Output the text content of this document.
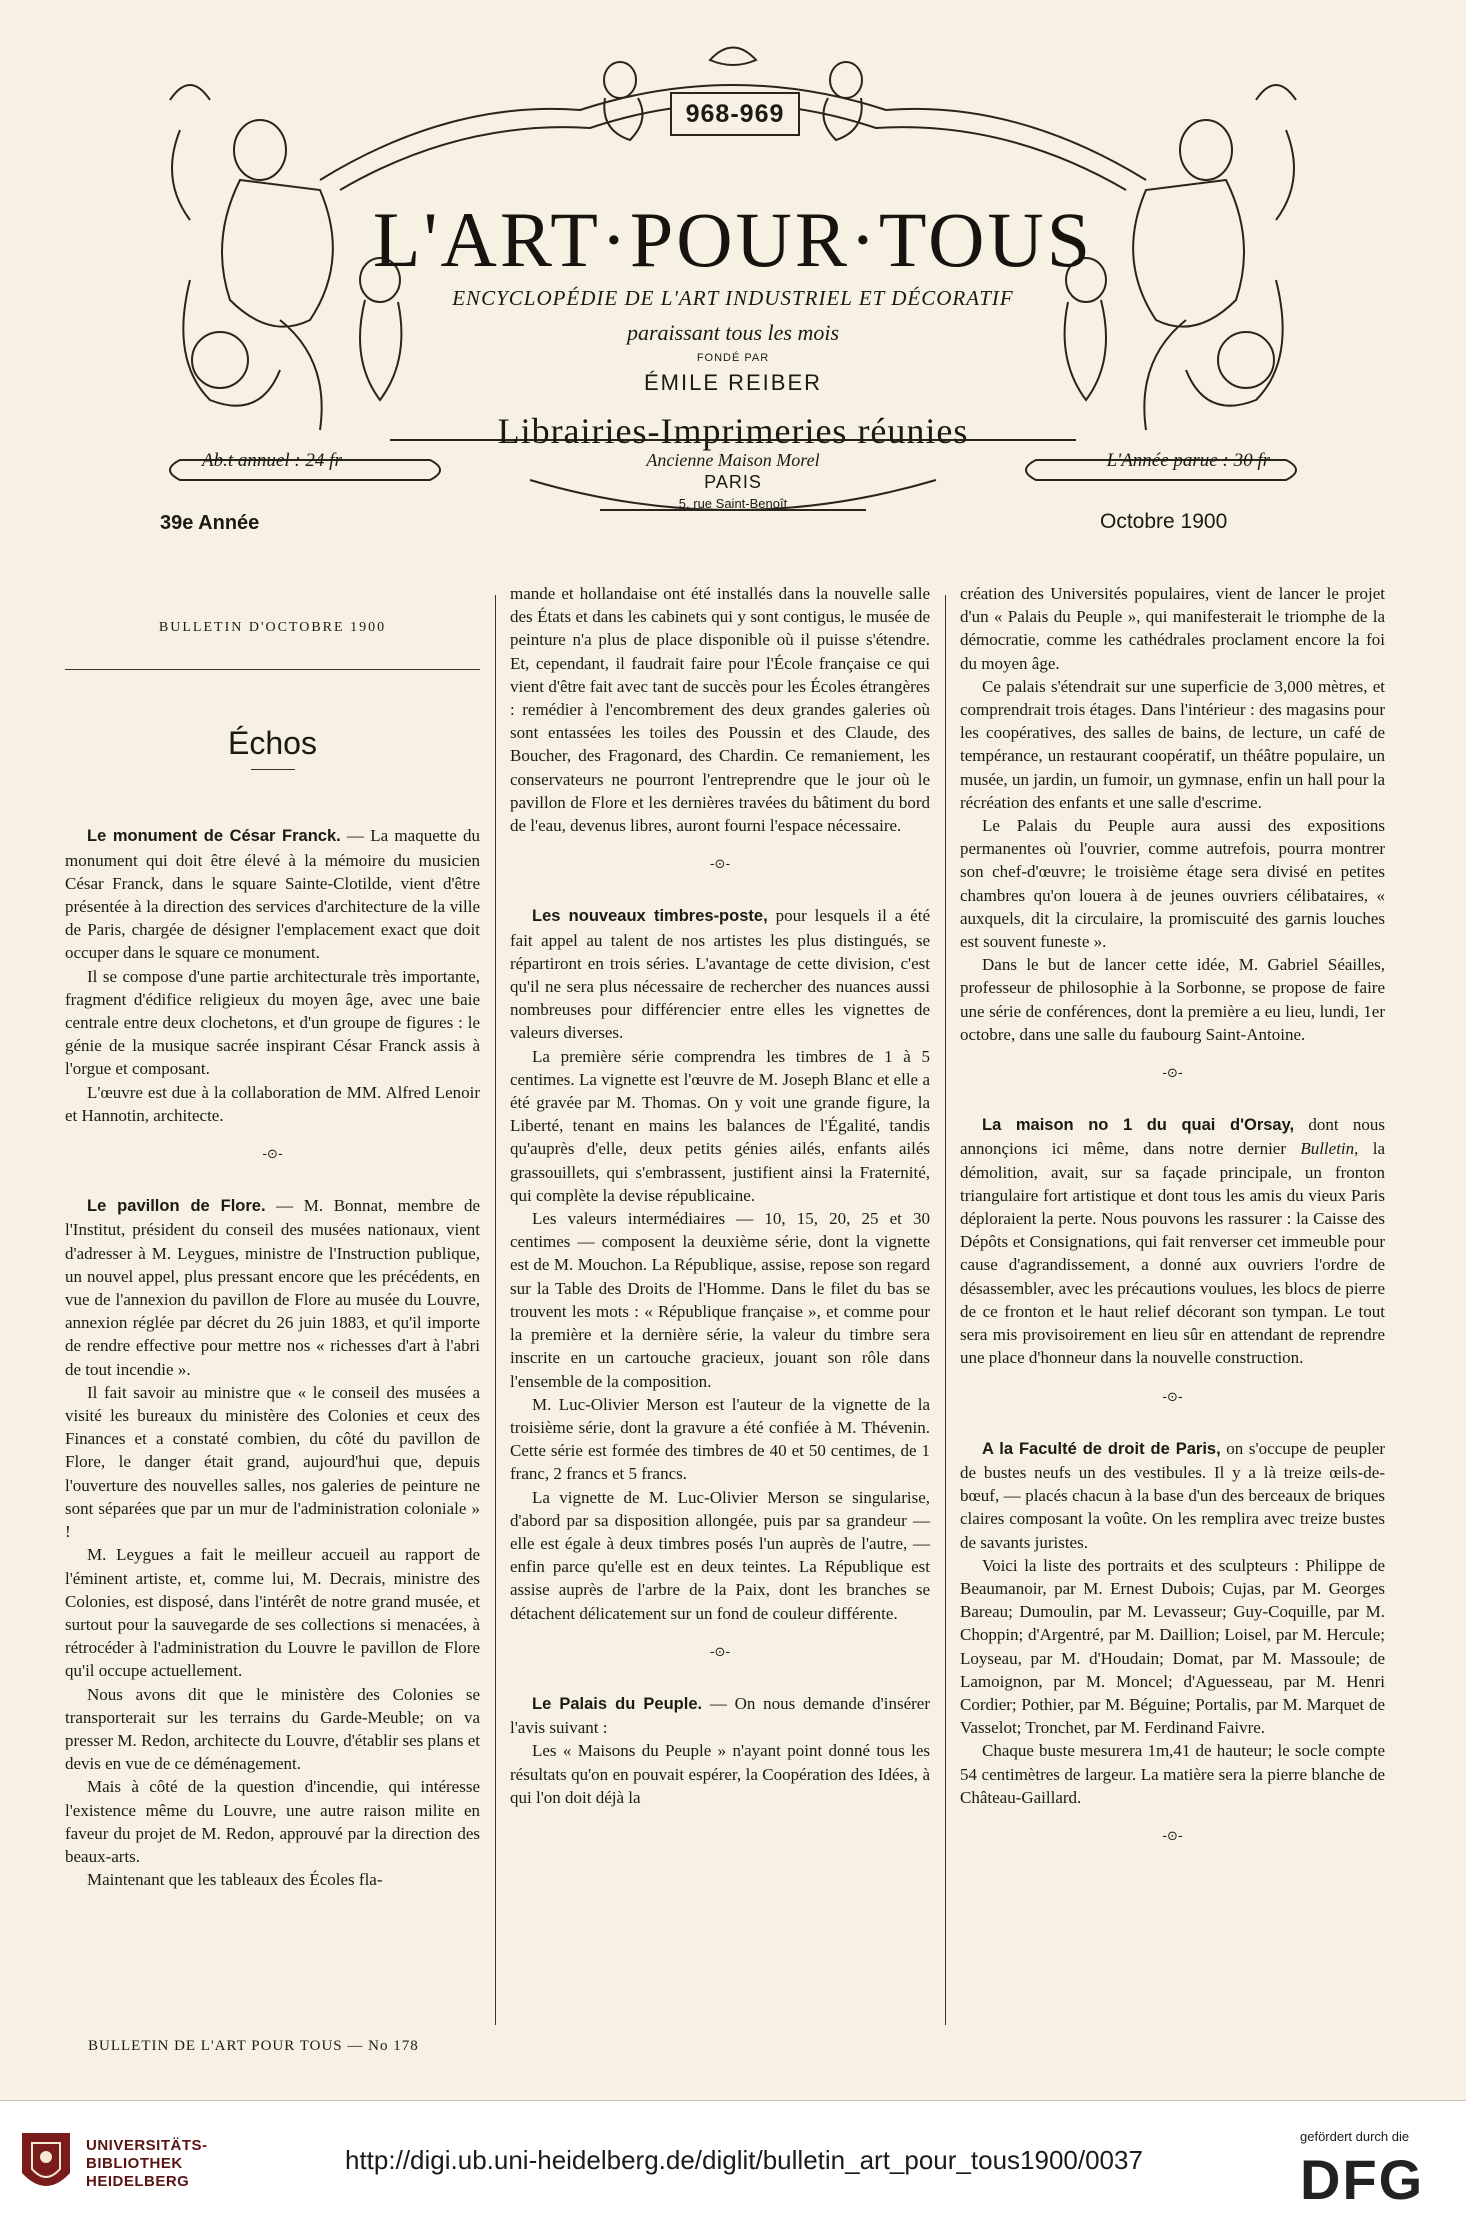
968-969
L'ART·POUR·TOUS
ENCYCLOPÉDIE DE L'ART INDUSTRIEL ET DÉCORATIF
paraissant tous les mois
FONDÉ PAR
ÉMILE REIBER
Librairies-Imprimeries réunies
Ancienne Maison Morel
PARIS
5, rue Saint-Benoît
Ab.t annuel : 24 fr	L'Année parue : 30 fr
39e Année	Octobre 1900
BULLETIN D'OCTOBRE 1900
Échos

Le monument de César Franck. — La maquette du monument qui doit être élevé à la mémoire du musicien César Franck, dans le square Sainte-Clotilde, vient d'être présentée à la direction des services d'architecture de la ville de Paris, chargée de désigner l'emplacement exact que doit occuper dans le square ce monument.

Il se compose d'une partie architecturale très importante, fragment d'édifice religieux du moyen âge, avec une baie centrale entre deux clochetons, et d'un groupe de figures : le génie de la musique sacrée inspirant César Franck assis à l'orgue et composant.

L'œuvre est due à la collaboration de MM. Alfred Lenoir et Hannotin, architecte.

-⊙-

Le pavillon de Flore. — M. Bonnat, membre de l'Institut, président du conseil des musées nationaux, vient d'adresser à M. Leygues, ministre de l'Instruction publique, un nouvel appel, plus pressant encore que les précédents, en vue de l'annexion du pavillon de Flore au musée du Louvre, annexion réglée par décret du 26 juin 1883, et qu'il importe de rendre effective pour mettre nos « richesses d'art à l'abri de tout incendie ».

Il fait savoir au ministre que « le conseil des musées a visité les bureaux du ministère des Colonies et ceux des Finances et a constaté combien, du côté du pavillon de Flore, le danger était grand, aujourd'hui que, depuis l'ouverture des nouvelles salles, nos galeries de peinture ne sont séparées que par un mur de l'administration coloniale » !

M. Leygues a fait le meilleur accueil au rapport de l'éminent artiste, et, comme lui, M. Decrais, ministre des Colonies, est disposé, dans l'intérêt de notre grand musée, et surtout pour la sauvegarde de ses collections si menacées, à rétrocéder à l'administration du Louvre le pavillon de Flore qu'il occupe actuellement.

Nous avons dit que le ministère des Colonies se transporterait sur les terrains du Garde-Meuble; on va presser M. Redon, architecte du Louvre, d'établir ses plans et devis en vue de ce déménagement.

Mais à côté de la question d'incendie, qui intéresse l'existence même du Louvre, une autre raison milite en faveur du projet de M. Redon, approuvé par la direction des beaux-arts.

Maintenant que les tableaux des Écoles fla-

mande et hollandaise ont été installés dans la nouvelle salle des États et dans les cabinets qui y sont contigus, le musée de peinture n'a plus de place disponible où il puisse s'étendre. Et, cependant, il faudrait faire pour l'École française ce qui vient d'être fait avec tant de succès pour les Écoles étrangères : remédier à l'encombrement des deux grandes galeries où sont entassées les toiles des Poussin et des Claude, des Boucher, des Fragonard, des Chardin. Ce remaniement, les conservateurs ne pourront l'entreprendre que le jour où le pavillon de Flore et les dernières travées du bâtiment du bord de l'eau, devenus libres, auront fourni l'espace nécessaire.

-⊙-

Les nouveaux timbres-poste, pour lesquels il a été fait appel au talent de nos artistes les plus distingués, se répartiront en trois séries. L'avantage de cette division, c'est qu'il ne sera plus nécessaire de rechercher des nuances aussi nombreuses pour différencier entre elles les vignettes de valeurs diverses.

La première série comprendra les timbres de 1 à 5 centimes. La vignette est l'œuvre de M. Joseph Blanc et elle a été gravée par M. Thomas. On y voit une grande figure, la Liberté, tenant en mains les balances de l'Égalité, tandis qu'auprès d'elle, deux petits génies ailés, enfants ailés grassouillets, qui s'embrassent, justifient ainsi la Fraternité, qui complète la devise républicaine.

Les valeurs intermédiaires — 10, 15, 20, 25 et 30 centimes — composent la deuxième série, dont la vignette est de M. Mouchon. La République, assise, repose son regard sur la Table des Droits de l'Homme. Dans le filet du bas se trouvent les mots : « République française », et comme pour la première et la dernière série, la valeur du timbre sera inscrite en un cartouche gracieux, jouant son rôle dans l'ensemble de la composition.

M. Luc-Olivier Merson est l'auteur de la vignette de la troisième série, dont la gravure a été confiée à M. Thévenin. Cette série est formée des timbres de 40 et 50 centimes, de 1 franc, 2 francs et 5 francs.

La vignette de M. Luc-Olivier Merson se singularise, d'abord par sa disposition allongée, puis par sa grandeur — elle est égale à deux timbres posés l'un auprès de l'autre, — enfin parce qu'elle est en deux teintes. La République est assise auprès de l'arbre de la Paix, dont les branches se détachent délicatement sur un fond de couleur différente.

-⊙-

Le Palais du Peuple. — On nous demande d'insérer l'avis suivant :

Les « Maisons du Peuple » n'ayant point donné tous les résultats qu'on en pouvait espérer, la Coopération des Idées, à qui l'on doit déjà la

création des Universités populaires, vient de lancer le projet d'un « Palais du Peuple », qui manifesterait le triomphe de la démocratie, comme les cathédrales proclament encore la foi du moyen âge.

Ce palais s'étendrait sur une superficie de 3,000 mètres, et comprendrait trois étages. Dans l'intérieur : des magasins pour les coopératives, des salles de bains, de lecture, un café de tempérance, un restaurant coopératif, un théâtre populaire, un musée, un jardin, un fumoir, un gymnase, enfin un hall pour la récréation des enfants et une salle d'escrime.

Le Palais du Peuple aura aussi des expositions permanentes où l'ouvrier, comme autrefois, pourra montrer son chef-d'œuvre; le troisième étage sera divisé en petites chambres qu'on louera à de jeunes ouvriers célibataires, « auxquels, dit la circulaire, la promiscuité des garnis louches est souvent funeste ».

Dans le but de lancer cette idée, M. Gabriel Séailles, professeur de philosophie à la Sorbonne, se propose de faire une série de conférences, dont la première a eu lieu, lundi, 1er octobre, dans une salle du faubourg Saint-Antoine.

-⊙-

La maison no 1 du quai d'Orsay, dont nous annonçions ici même, dans notre dernier Bulletin, la démolition, avait, sur sa façade principale, un fronton triangulaire fort artistique et dont tous les amis du vieux Paris déploraient la perte. Nous pouvons les rassurer : la Caisse des Dépôts et Consignations, qui fait renverser cet immeuble pour cause d'agrandissement, a donné aux ouvriers l'ordre de désassembler, avec les précautions voulues, les blocs de pierre de ce fronton et le haut relief décorant son tympan. Le tout sera mis provisoirement en lieu sûr en attendant de reprendre une place d'honneur dans la nouvelle construction.

-⊙-

A la Faculté de droit de Paris, on s'occupe de peupler de bustes neufs un des vestibules. Il y a là treize œils-de-bœuf, — placés chacun à la base d'un des berceaux de briques claires composant la voûte. On les remplira avec treize bustes de savants juristes.

Voici la liste des portraits et des sculpteurs : Philippe de Beaumanoir, par M. Ernest Dubois; Cujas, par M. Georges Bareau; Dumoulin, par M. Levasseur; Guy-Coquille, par M. Choppin; d'Argentré, par M. Daillion; Loisel, par M. Hercule; Loyseau, par M. d'Houdain; Domat, par M. Massoule; de Lamoignon, par M. Moncel; d'Aguesseau, par M. Henri Cordier; Pothier, par M. Béguine; Portalis, par M. Marquet de Vasselot; Tronchet, par M. Ferdinand Faivre.

Chaque buste mesurera 1m,41 de hauteur; le socle compte 54 centimètres de largeur. La matière sera la pierre blanche de Château-Gaillard.

-⊙-
BULLETIN DE L'ART POUR TOUS — No 178
UNIVERSITÄTS-
BIBLIOTHEK
HEIDELBERG
http://digi.ub.uni-heidelberg.de/diglit/bulletin_art_pour_tous1900/0037
gefördert durch die
DFG
